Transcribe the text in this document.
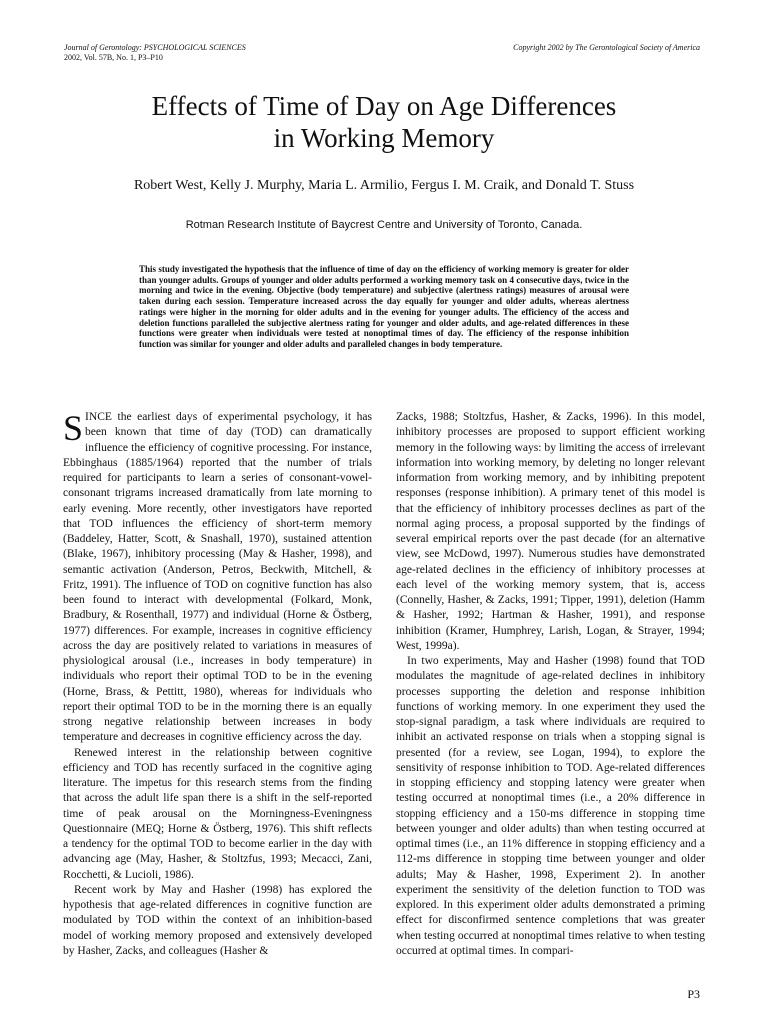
Journal of Gerontology: PSYCHOLOGICAL SCIENCES
2002, Vol. 57B, No. 1, P3–P10
Copyright 2002 by The Gerontological Society of America
Effects of Time of Day on Age Differences
in Working Memory
Robert West, Kelly J. Murphy, Maria L. Armilio, Fergus I. M. Craik, and Donald T. Stuss
Rotman Research Institute of Baycrest Centre and University of Toronto, Canada.
This study investigated the hypothesis that the influence of time of day on the efficiency of working memory is greater for older than younger adults. Groups of younger and older adults performed a working memory task on 4 consecutive days, twice in the morning and twice in the evening. Objective (body temperature) and subjective (alertness ratings) measures of arousal were taken during each session. Temperature increased across the day equally for younger and older adults, whereas alertness ratings were higher in the morning for older adults and in the evening for younger adults. The efficiency of the access and deletion functions paralleled the subjective alertness rating for younger and older adults, and age-related differences in these functions were greater when individuals were tested at nonoptimal times of day. The efficiency of the response inhibition function was similar for younger and older adults and paralleled changes in body temperature.

SINCE the earliest days of experimental psychology, it has been known that time of day (TOD) can dramatically influence the efficiency of cognitive processing. For instance, Ebbinghaus (1885/1964) reported that the number of trials required for participants to learn a series of consonant-vowel-consonant trigrams increased dramatically from late morning to early evening. More recently, other investigators have reported that TOD influences the efficiency of short-term memory (Baddeley, Hatter, Scott, & Snashall, 1970), sustained attention (Blake, 1967), inhibitory processing (May & Hasher, 1998), and semantic activation (Anderson, Petros, Beckwith, Mitchell, & Fritz, 1991). The influence of TOD on cognitive function has also been found to interact with developmental (Folkard, Monk, Bradbury, & Rosenthall, 1977) and individual (Horne & Östberg, 1977) differences. For example, increases in cognitive efficiency across the day are positively related to variations in measures of physiological arousal (i.e., increases in body temperature) in individuals who report their optimal TOD to be in the evening (Horne, Brass, & Pettitt, 1980), whereas for individuals who report their optimal TOD to be in the morning there is an equally strong negative relationship between increases in body temperature and decreases in cognitive efficiency across the day.

Renewed interest in the relationship between cognitive efficiency and TOD has recently surfaced in the cognitive aging literature. The impetus for this research stems from the finding that across the adult life span there is a shift in the self-reported time of peak arousal on the Morningness-Eveningness Questionnaire (MEQ; Horne & Östberg, 1976). This shift reflects a tendency for the optimal TOD to become earlier in the day with advancing age (May, Hasher, & Stoltzfus, 1993; Mecacci, Zani, Rocchetti, & Lucioli, 1986).

Recent work by May and Hasher (1998) has explored the hypothesis that age-related differences in cognitive function are modulated by TOD within the context of an inhibition-based model of working memory proposed and extensively developed by Hasher, Zacks, and colleagues (Hasher &

Zacks, 1988; Stoltzfus, Hasher, & Zacks, 1996). In this model, inhibitory processes are proposed to support efficient working memory in the following ways: by limiting the access of irrelevant information into working memory, by deleting no longer relevant information from working memory, and by inhibiting prepotent responses (response inhibition). A primary tenet of this model is that the efficiency of inhibitory processes declines as part of the normal aging process, a proposal supported by the findings of several empirical reports over the past decade (for an alternative view, see McDowd, 1997). Numerous studies have demonstrated age-related declines in the efficiency of inhibitory processes at each level of the working memory system, that is, access (Connelly, Hasher, & Zacks, 1991; Tipper, 1991), deletion (Hamm & Hasher, 1992; Hartman & Hasher, 1991), and response inhibition (Kramer, Humphrey, Larish, Logan, & Strayer, 1994; West, 1999a).

In two experiments, May and Hasher (1998) found that TOD modulates the magnitude of age-related declines in inhibitory processes supporting the deletion and response inhibition functions of working memory. In one experiment they used the stop-signal paradigm, a task where individuals are required to inhibit an activated response on trials when a stopping signal is presented (for a review, see Logan, 1994), to explore the sensitivity of response inhibition to TOD. Age-related differences in stopping efficiency and stopping latency were greater when testing occurred at nonoptimal times (i.e., a 20% difference in stopping efficiency and a 150-ms difference in stopping time between younger and older adults) than when testing occurred at optimal times (i.e., an 11% difference in stopping efficiency and a 112-ms difference in stopping time between younger and older adults; May & Hasher, 1998, Experiment 2). In another experiment the sensitivity of the deletion function to TOD was explored. In this experiment older adults demonstrated a priming effect for disconfirmed sentence completions that was greater when testing occurred at nonoptimal times relative to when testing occurred at optimal times. In compari-

P3
